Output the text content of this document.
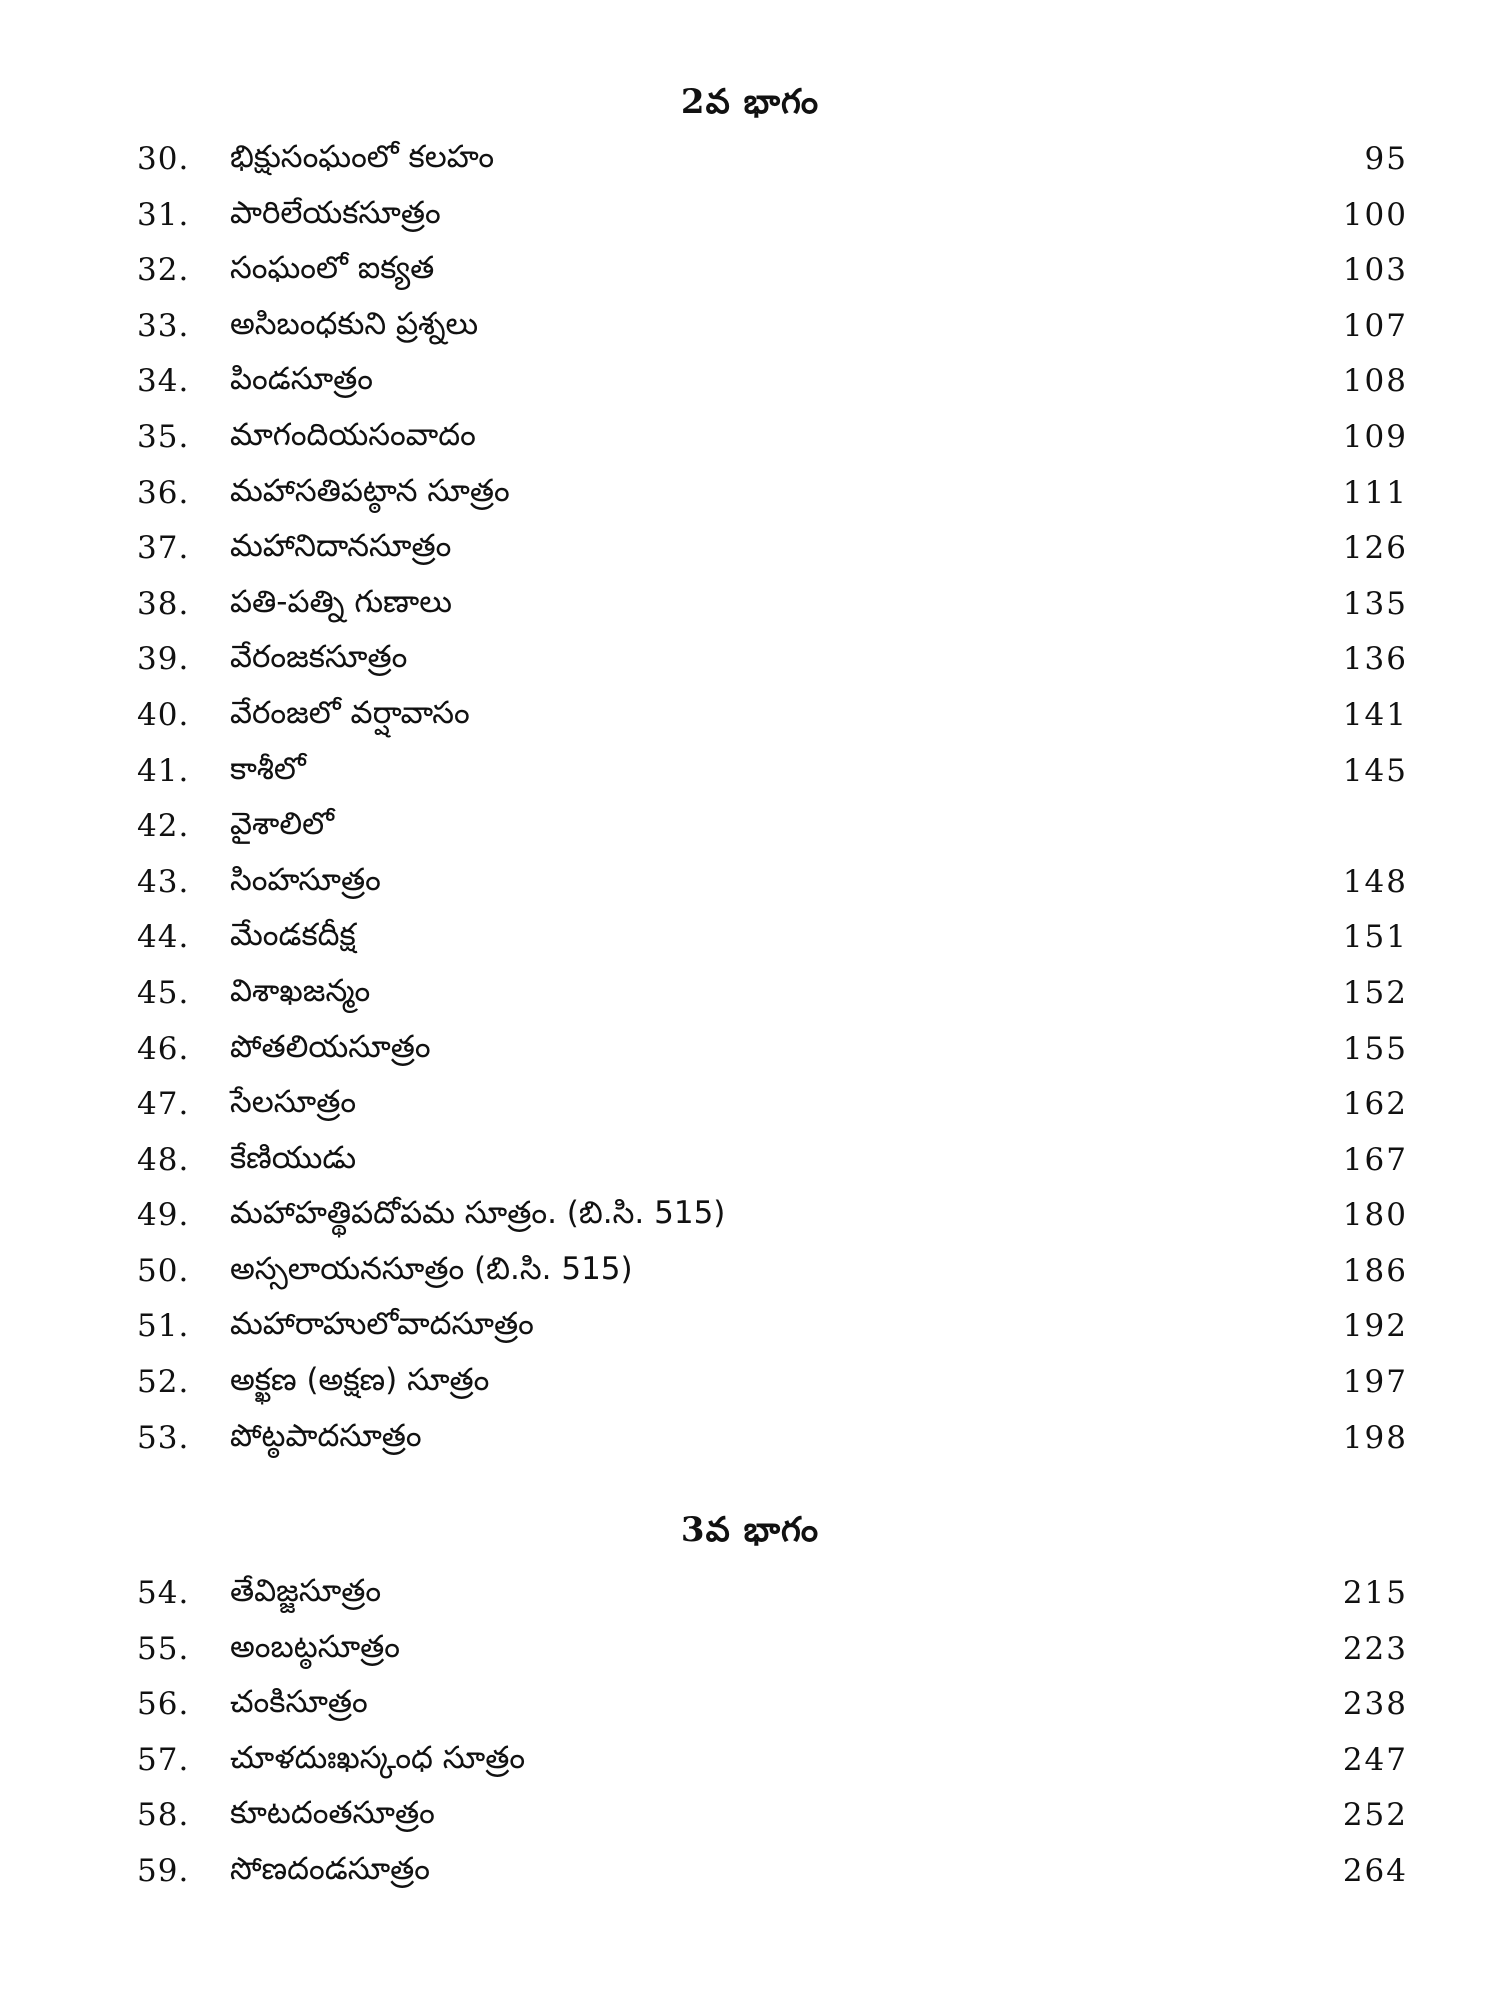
2వ భాగం
30. భిక్షుసంఘంలో కలహం	95
31. పారిలేయకసూత్రం	100
32. సంఘంలో ఐక్యత	103
33. అసిబంధకుని ప్రశ్నలు	107
34. పిండసూత్రం	108
35. మాగందియసంవాదం	109
36. మహాసతిపట్ఠాన సూత్రం	111
37. మహానిదానసూత్రం	126
38. పతి-పత్ని గుణాలు	135
39. వేరంజకసూత్రం	136
40. వేరంజలో వర్షావాసం	141
41. కాశీలో	145
42. వైశాలిలో
43. సింహసూత్రం	148
44. మేండకదీక్ష	151
45. విశాఖజన్మం	152
46. పోతలియసూత్రం	155
47. సేలసూత్రం	162
48. కేణియుడు	167
49. మహాహత్థిపదోపమ సూత్రం. (బి.సి. 515)	180
50. అస్సలాయనసూత్రం (బి.సి. 515)	186
51. మహారాహులోవాదసూత్రం	192
52. అక్ఖణ (అక్షణ) సూత్రం	197
53. పోట్ఠపాదసూత్రం	198
3వ భాగం
54. తేవిజ్జసూత్రం	215
55. అంబట్ఠసూత్రం	223
56. చంకిసూత్రం	238
57. చూళదుఃఖస్కంధ సూత్రం	247
58. కూటదంతసూత్రం	252
59. సోణదండసూత్రం	264
